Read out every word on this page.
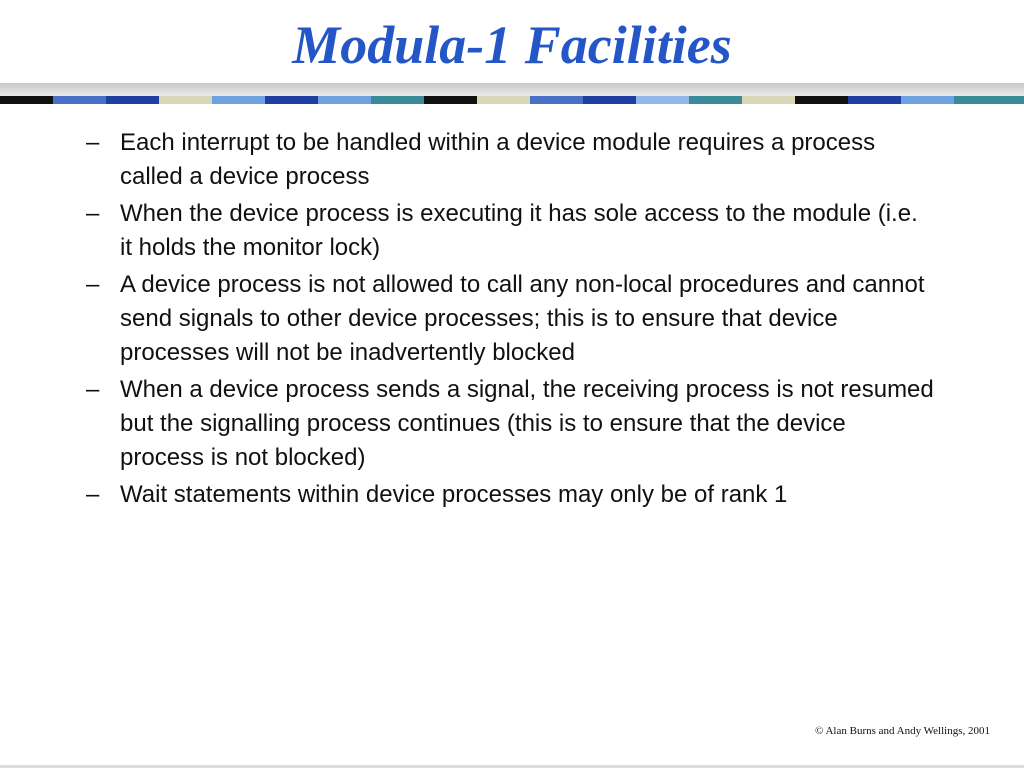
Modula-1 Facilities
– Each interrupt to be handled within a device module requires a process called a device process
– When the device process is executing it has sole access to the module (i.e. it holds the monitor lock)
– A device process is not allowed to call any non-local procedures and cannot send signals to other device processes; this is to ensure that device processes will not be inadvertently blocked
– When a device process sends a signal, the receiving process is not resumed but the signalling process continues (this is to ensure that the device process is not blocked)
– Wait statements within device processes may only be of rank 1
© Alan Burns and Andy Wellings, 2001
